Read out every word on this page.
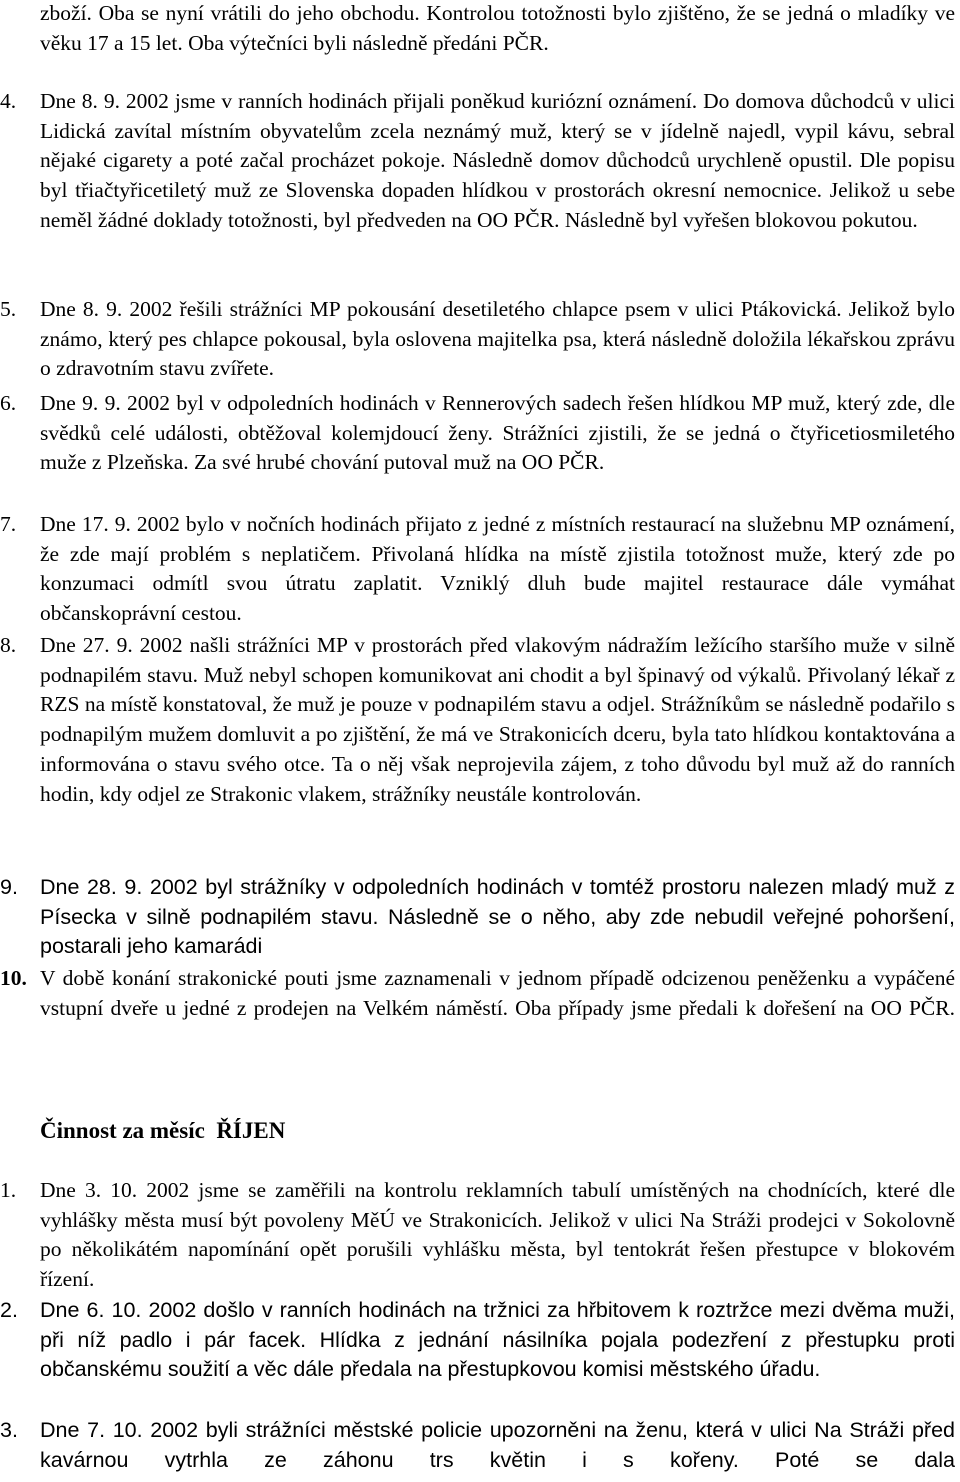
zboží. Oba se nyní vrátili do jeho obchodu. Kontrolou totožnosti bylo zjištěno, že se jedná o mladíky ve věku 17 a 15 let. Oba výtečníci byli následně předáni PČR.

4.	Dne 8. 9. 2002 jsme v ranních hodinách přijali poněkud kuriózní oznámení. Do domova důchodců v ulici Lidická zavítal místním obyvatelům zcela neznámý muž, který se v jídelně najedl, vypil kávu, sebral nějaké cigarety a poté začal procházet pokoje. Následně domov důchodců urychleně opustil. Dle popisu byl třiačtyřicetiletý muž ze Slovenska dopaden hlídkou v prostorách okresní nemocnice. Jelikož u sebe neměl žádné doklady totožnosti, byl předveden na OO PČR. Následně byl vyřešen blokovou pokutou.
5.	Dne 8. 9. 2002 řešili strážníci MP pokousání desetiletého chlapce psem v ulici Ptákovická. Jelikož bylo známo, který pes chlapce pokousal, byla oslovena majitelka psa, která následně doložila lékařskou zprávu o zdravotním stavu zvířete.
6.	Dne 9. 9. 2002 byl v odpoledních hodinách v Rennerových sadech řešen hlídkou MP muž, který zde, dle svědků celé události, obtěžoval kolemjdoucí ženy. Strážníci zjistili, že se jedná o čtyřicetiosmiletého muže z Plzeňska. Za své hrubé chování putoval muž na OO PČR.
7.	Dne 17. 9. 2002 bylo v nočních hodinách přijato z jedné z místních restaurací na služebnu MP oznámení, že zde mají problém s neplatičem. Přivolaná hlídka na místě zjistila totožnost muže, který zde po konzumaci odmítl svou útratu zaplatit. Vzniklý dluh bude majitel restaurace dále vymáhat občanskoprávní cestou.
8.	Dne 27. 9. 2002 našli strážníci MP v prostorách před vlakovým nádražím ležícího staršího muže v silně podnapilém stavu. Muž nebyl schopen komunikovat ani chodit a byl špinavý od výkalů. Přivolaný lékař z RZS na místě konstatoval, že muž je pouze v podnapilém stavu a odjel. Strážníkům se následně podařilo s podnapilým mužem domluvit a po zjištění, že má ve Strakonicích dceru, byla tato hlídkou kontaktována a informována o stavu svého otce. Ta o něj však neprojevila zájem, z toho důvodu byl muž až do ranních hodin, kdy odjel ze Strakonic vlakem, strážníky neustále kontrolován.
9.	Dne 28. 9. 2002 byl strážníky v odpoledních hodinách v tomtéž prostoru nalezen mladý muž z Písecka v silně podnapilém stavu. Následně se o něho, aby zde nebudil veřejné pohoršení, postarali jeho kamarádi
10. V době konání strakonické pouti jsme zaznamenali v jednom případě odcizenou peněženku a vypáčené vstupní dveře u jedné z prodejen na Velkém náměstí. Oba případy jsme předali k dořešení na OO PČR.
Činnost za měsíc  ŘÍJEN
1.	Dne 3. 10. 2002 jsme se zaměřili na kontrolu reklamních tabulí umístěných na chodnících, které dle vyhlášky města musí být povoleny MěÚ ve Strakonicích. Jelikož v ulici Na Stráži prodejci v Sokolovně po několikátém napomínání opět porušili vyhlášku města, byl tentokrát řešen přestupce v blokovém řízení.
2.	Dne 6. 10. 2002 došlo v ranních hodinách na tržnici za hřbitovem k roztržce mezi dvěma muži, při níž padlo i pár facek. Hlídka z jednání násilníka pojala podezření z přestupku proti občanskému soužití a věc dále předala na přestupkovou komisi městského úřadu.
3.	Dne 7. 10. 2002 byli strážníci městské policie upozorněni na ženu, která v ulici Na Stráži před kavárnou vytrhla ze záhonu trs květin i s kořeny. Poté se dala
